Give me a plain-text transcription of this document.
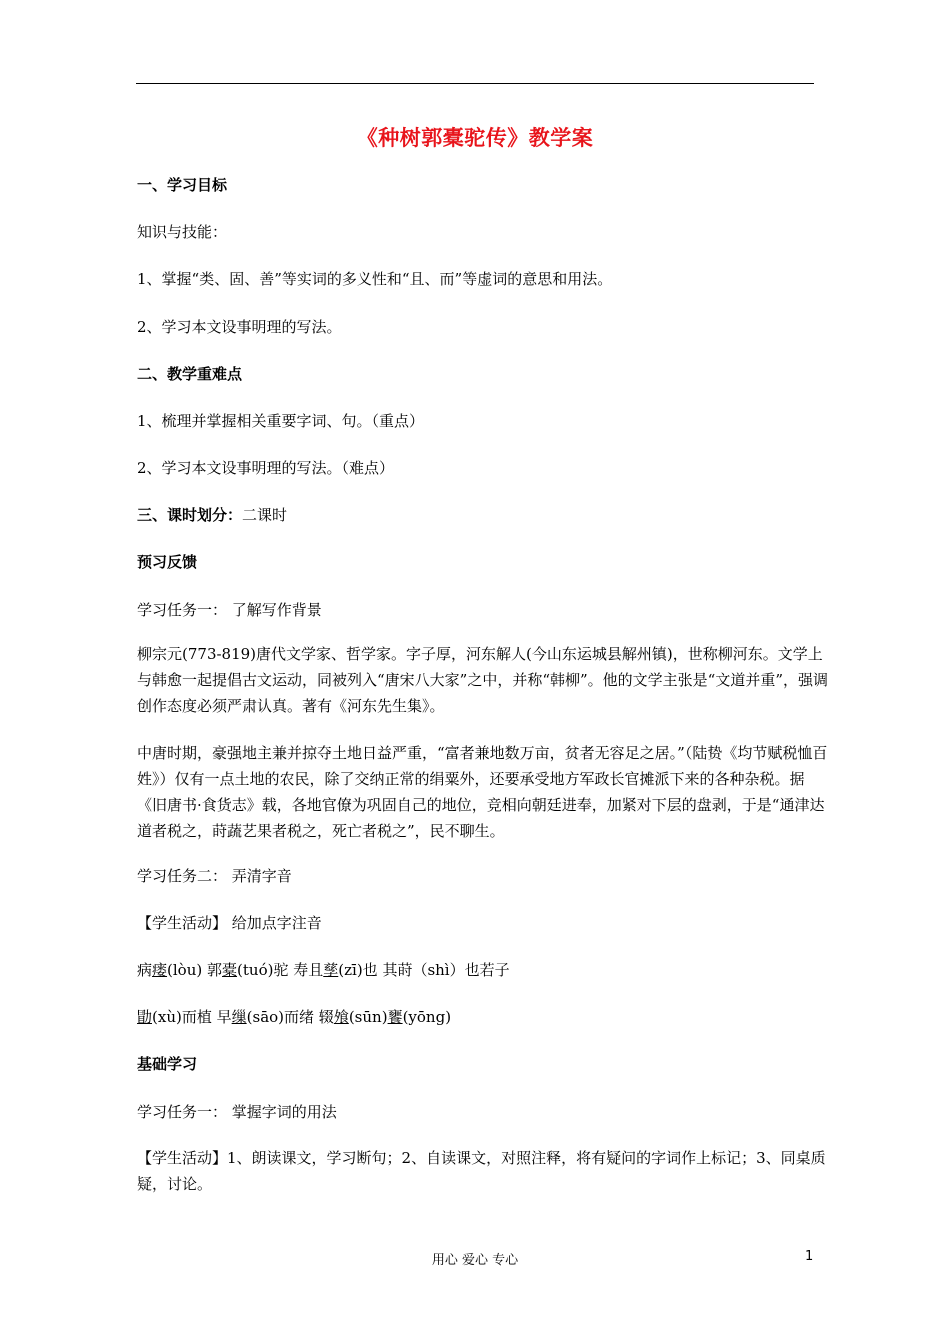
《种树郭橐驼传》教学案
一、学习目标
知识与技能：
1、掌握“类、固、善”等实词的多义性和“且、而”等虚词的意思和用法。
2、学习本文设事明理的写法。
二、教学重难点
1、梳理并掌握相关重要字词、句。（重点）
2、学习本文设事明理的写法。（难点）
三、课时划分：二课时
预习反馈
学习任务一： 了解写作背景
柳宗元(773-819)唐代文学家、哲学家。字子厚，河东解人(今山东运城县解州镇)，世称柳河东。文学上与韩愈一起提倡古文运动，同被列入“唐宋八大家”之中，并称“韩柳”。他的文学主张是“文道并重”，强调创作态度必须严肃认真。著有《河东先生集》。
中唐时期，豪强地主兼并掠夺土地日益严重，“富者兼地数万亩，贫者无容足之居。”（陆贽《均节赋税恤百姓》）仅有一点土地的农民，除了交纳正常的绢粟外，还要承受地方军政长官摊派下来的各种杂税。据《旧唐书·食货志》载，各地官僚为巩固自己的地位，竞相向朝廷进奉，加紧对下层的盘剥，于是“通津达道者税之，莳蔬艺果者税之，死亡者税之”，民不聊生。
学习任务二： 弄清字音
【学生活动】 给加点字注音
病瘘(lòu) 郭橐(tuó)驼 寿且孳(zī)也 其莳（shì）也若子
勖(xù)而植 早缫(sāo)而绪 辍飧(sūn)饔(yōng)
基础学习
学习任务一： 掌握字词的用法
【学生活动】1、朗读课文，学习断句；2、自读课文，对照注释，将有疑问的字词作上标记；3、同桌质疑，讨论。
用心 爱心 专心	1
